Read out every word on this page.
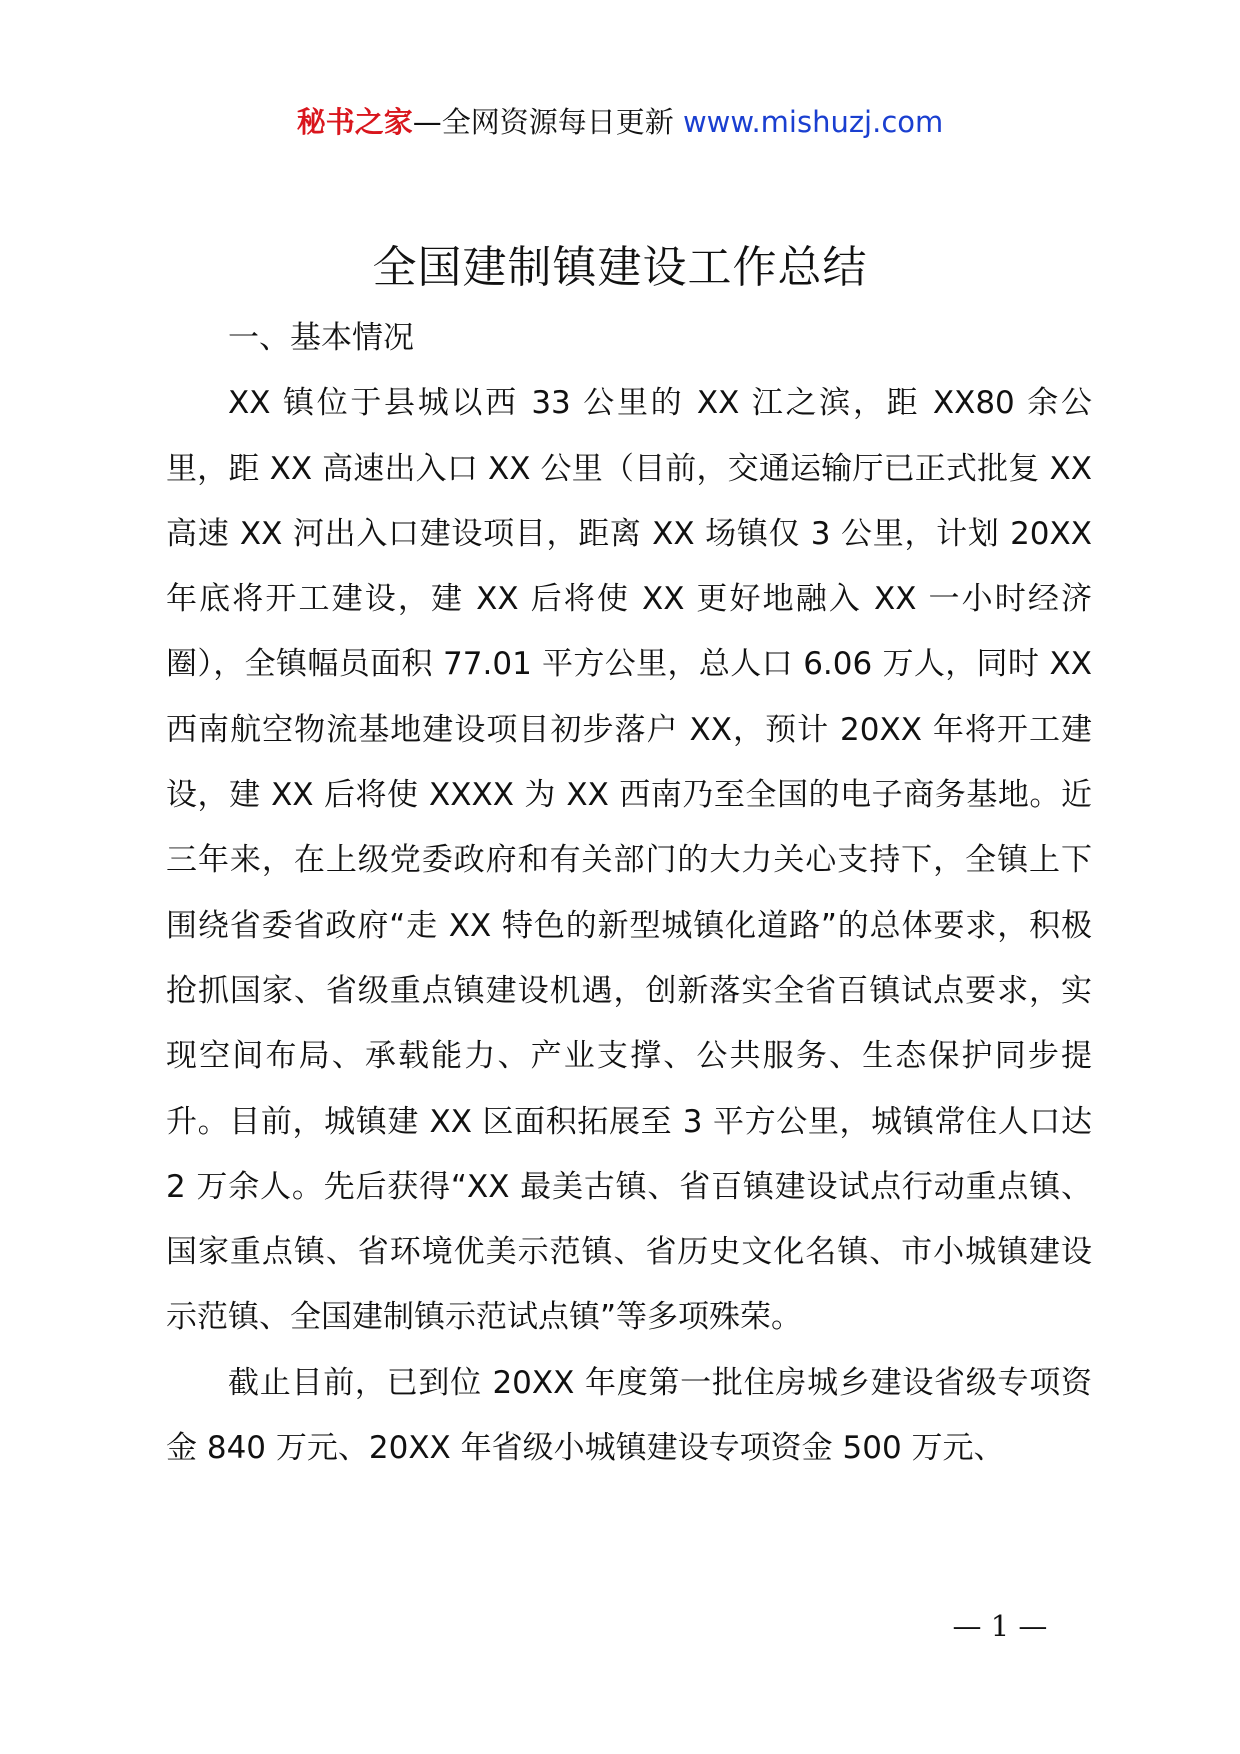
秘书之家—全网资源每日更新 www.mishuzj.com
全国建制镇建设工作总结

一、基本情况

XX 镇位于县城以西 33 公里的 XX 江之滨，距 XX80 余公里，距 XX 高速出入口 XX 公里（目前，交通运输厅已正式批复 XX 高速 XX 河出入口建设项目，距离 XX 场镇仅 3 公里，计划 20XX 年底将开工建设，建 XX 后将使 XX 更好地融入 XX 一小时经济圈），全镇幅员面积 77.01 平方公里，总人口 6.06 万人，同时 XX 西南航空物流基地建设项目初步落户 XX，预计 20XX 年将开工建设，建 XX 后将使 XXXX 为 XX 西南乃至全国的电子商务基地。近三年来，在上级党委政府和有关部门的大力关心支持下，全镇上下围绕省委省政府“走 XX 特色的新型城镇化道路”的总体要求，积极抢抓国家、省级重点镇建设机遇，创新落实全省百镇试点要求，实现空间布局、承载能力、产业支撑、公共服务、生态保护同步提升。目前，城镇建 XX 区面积拓展至 3 平方公里，城镇常住人口达 2 万余人。先后获得“XX 最美古镇、省百镇建设试点行动重点镇、国家重点镇、省环境优美示范镇、省历史文化名镇、市小城镇建设示范镇、全国建制镇示范试点镇”等多项殊荣。

截止目前，已到位 20XX 年度第一批住房城乡建设省级专项资金 840 万元、20XX 年省级小城镇建设专项资金 500 万元、

— 1 —
